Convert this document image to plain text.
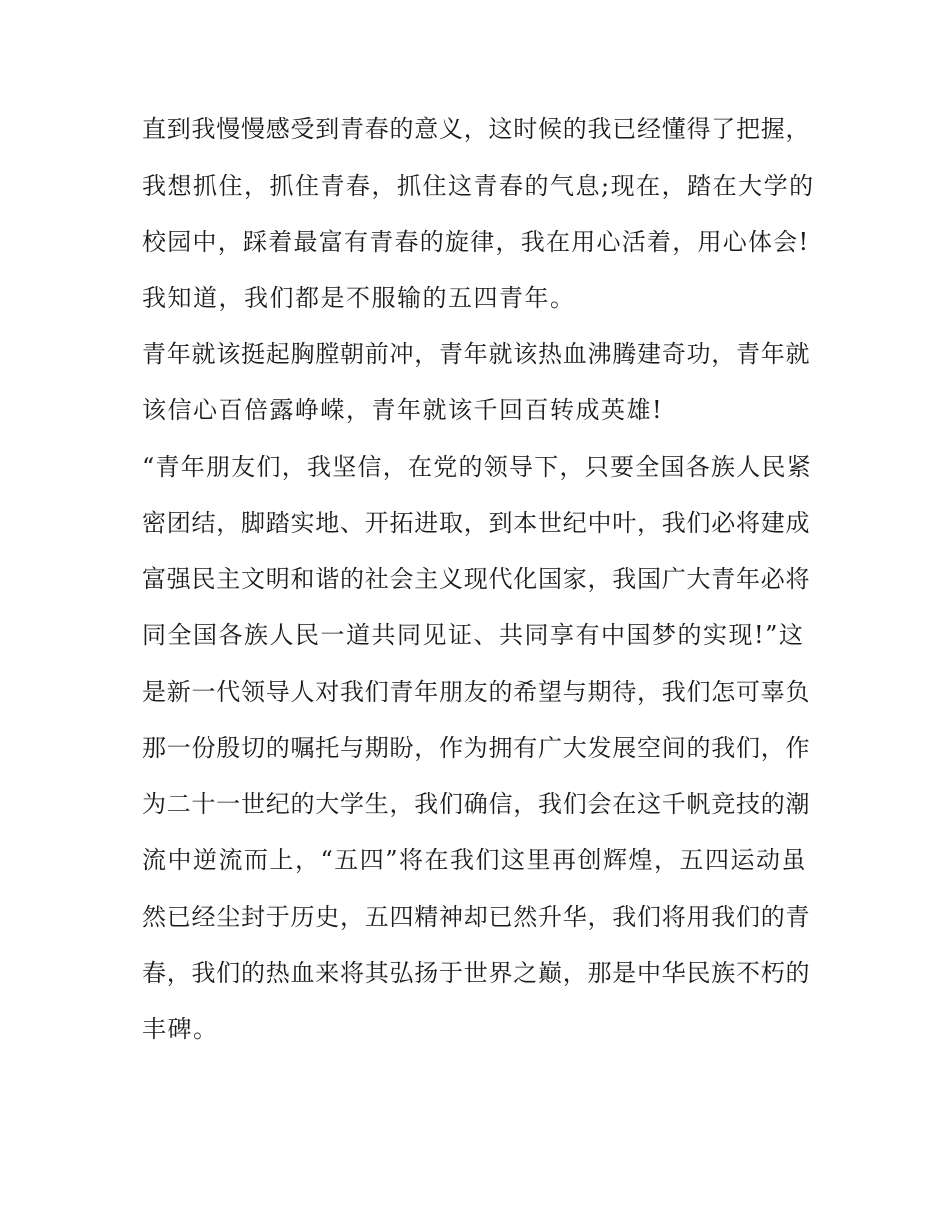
直到我慢慢感受到青春的意义，这时候的我已经懂得了把握，

我想抓住，抓住青春，抓住这青春的气息;现在，踏在大学的

校园中，踩着最富有青春的旋律，我在用心活着，用心体会!

我知道，我们都是不服输的五四青年。

青年就该挺起胸膛朝前冲，青年就该热血沸腾建奇功，青年就

该信心百倍露峥嵘，青年就该千回百转成英雄!

“青年朋友们，我坚信，在党的领导下，只要全国各族人民紧

密团结，脚踏实地、开拓进取，到本世纪中叶，我们必将建成

富强民主文明和谐的社会主义现代化国家，我国广大青年必将

同全国各族人民一道共同见证、共同享有中国梦的实现!”这

是新一代领导人对我们青年朋友的希望与期待，我们怎可辜负

那一份殷切的嘱托与期盼，作为拥有广大发展空间的我们，作

为二十一世纪的大学生，我们确信，我们会在这千帆竞技的潮

流中逆流而上，“五四”将在我们这里再创辉煌，五四运动虽

然已经尘封于历史，五四精神却已然升华，我们将用我们的青

春，我们的热血来将其弘扬于世界之巅，那是中华民族不朽的

丰碑。
